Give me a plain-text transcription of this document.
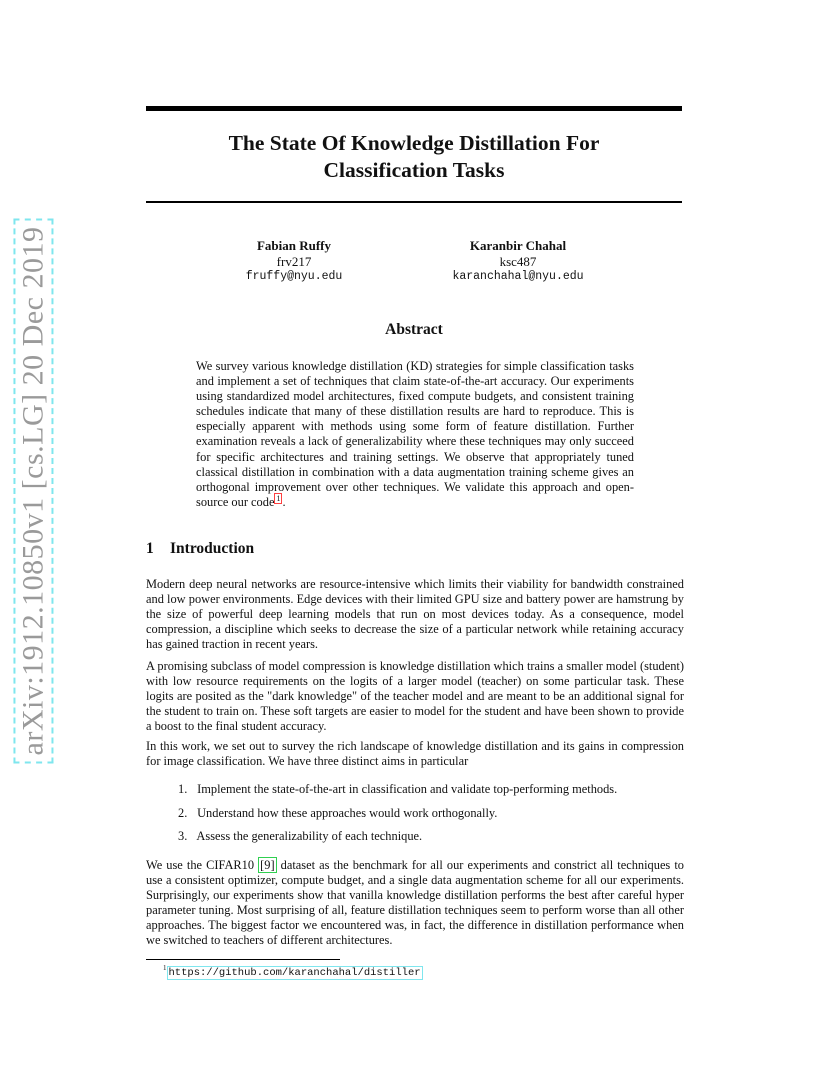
arXiv:1912.10850v1 [cs.LG] 20 Dec 2019
The State Of Knowledge Distillation For
Classification Tasks
Fabian Ruffy
frv217
fruffy@nyu.edu
Karanbir Chahal
ksc487
karanchahal@nyu.edu
Abstract

We survey various knowledge distillation (KD) strategies for simple classification tasks and implement a set of techniques that claim state-of-the-art accuracy. Our experiments using standardized model architectures, fixed compute budgets, and consistent training schedules indicate that many of these distillation results are hard to reproduce. This is especially apparent with methods using some form of feature distillation. Further examination reveals a lack of generalizability where these techniques may only succeed for specific architectures and training settings. We observe that appropriately tuned classical distillation in combination with a data augmentation training scheme gives an orthogonal improvement over other techniques. We validate this approach and open-source our code $^1$ .

1 Introduction

Modern deep neural networks are resource-intensive which limits their viability for bandwidth constrained and low power environments. Edge devices with their limited GPU size and battery power are hamstrung by the size of powerful deep learning models that run on most devices today. As a consequence, model compression, a discipline which seeks to decrease the size of a particular network while retaining accuracy has gained traction in recent years.

A promising subclass of model compression is knowledge distillation which trains a smaller model (student) with low resource requirements on the logits of a larger model (teacher) on some particular task. These logits are posited as the "dark knowledge" of the teacher model and are meant to be an additional signal for the student to train on. These soft targets are easier to model for the student and have been shown to provide a boost to the final student accuracy.

In this work, we set out to survey the rich landscape of knowledge distillation and its gains in compression for image classification. We have three distinct aims in particular

1. Implement the state-of-the-art in classification and validate top-performing methods.
2. Understand how these approaches would work orthogonally.
3. Assess the generalizability of each technique.

We use the CIFAR10 [9] dataset as the benchmark for all our experiments and constrict all techniques to use a consistent optimizer, compute budget, and a single data augmentation scheme for all our experiments. Surprisingly, our experiments show that vanilla knowledge distillation performs the best after careful hyper parameter tuning. Most surprising of all, feature distillation techniques seem to perform worse than all other approaches. The biggest factor we encountered was, in fact, the difference in distillation performance when we switched to teachers of different architectures.

$^1$ https://github.com/karanchahal/distiller
